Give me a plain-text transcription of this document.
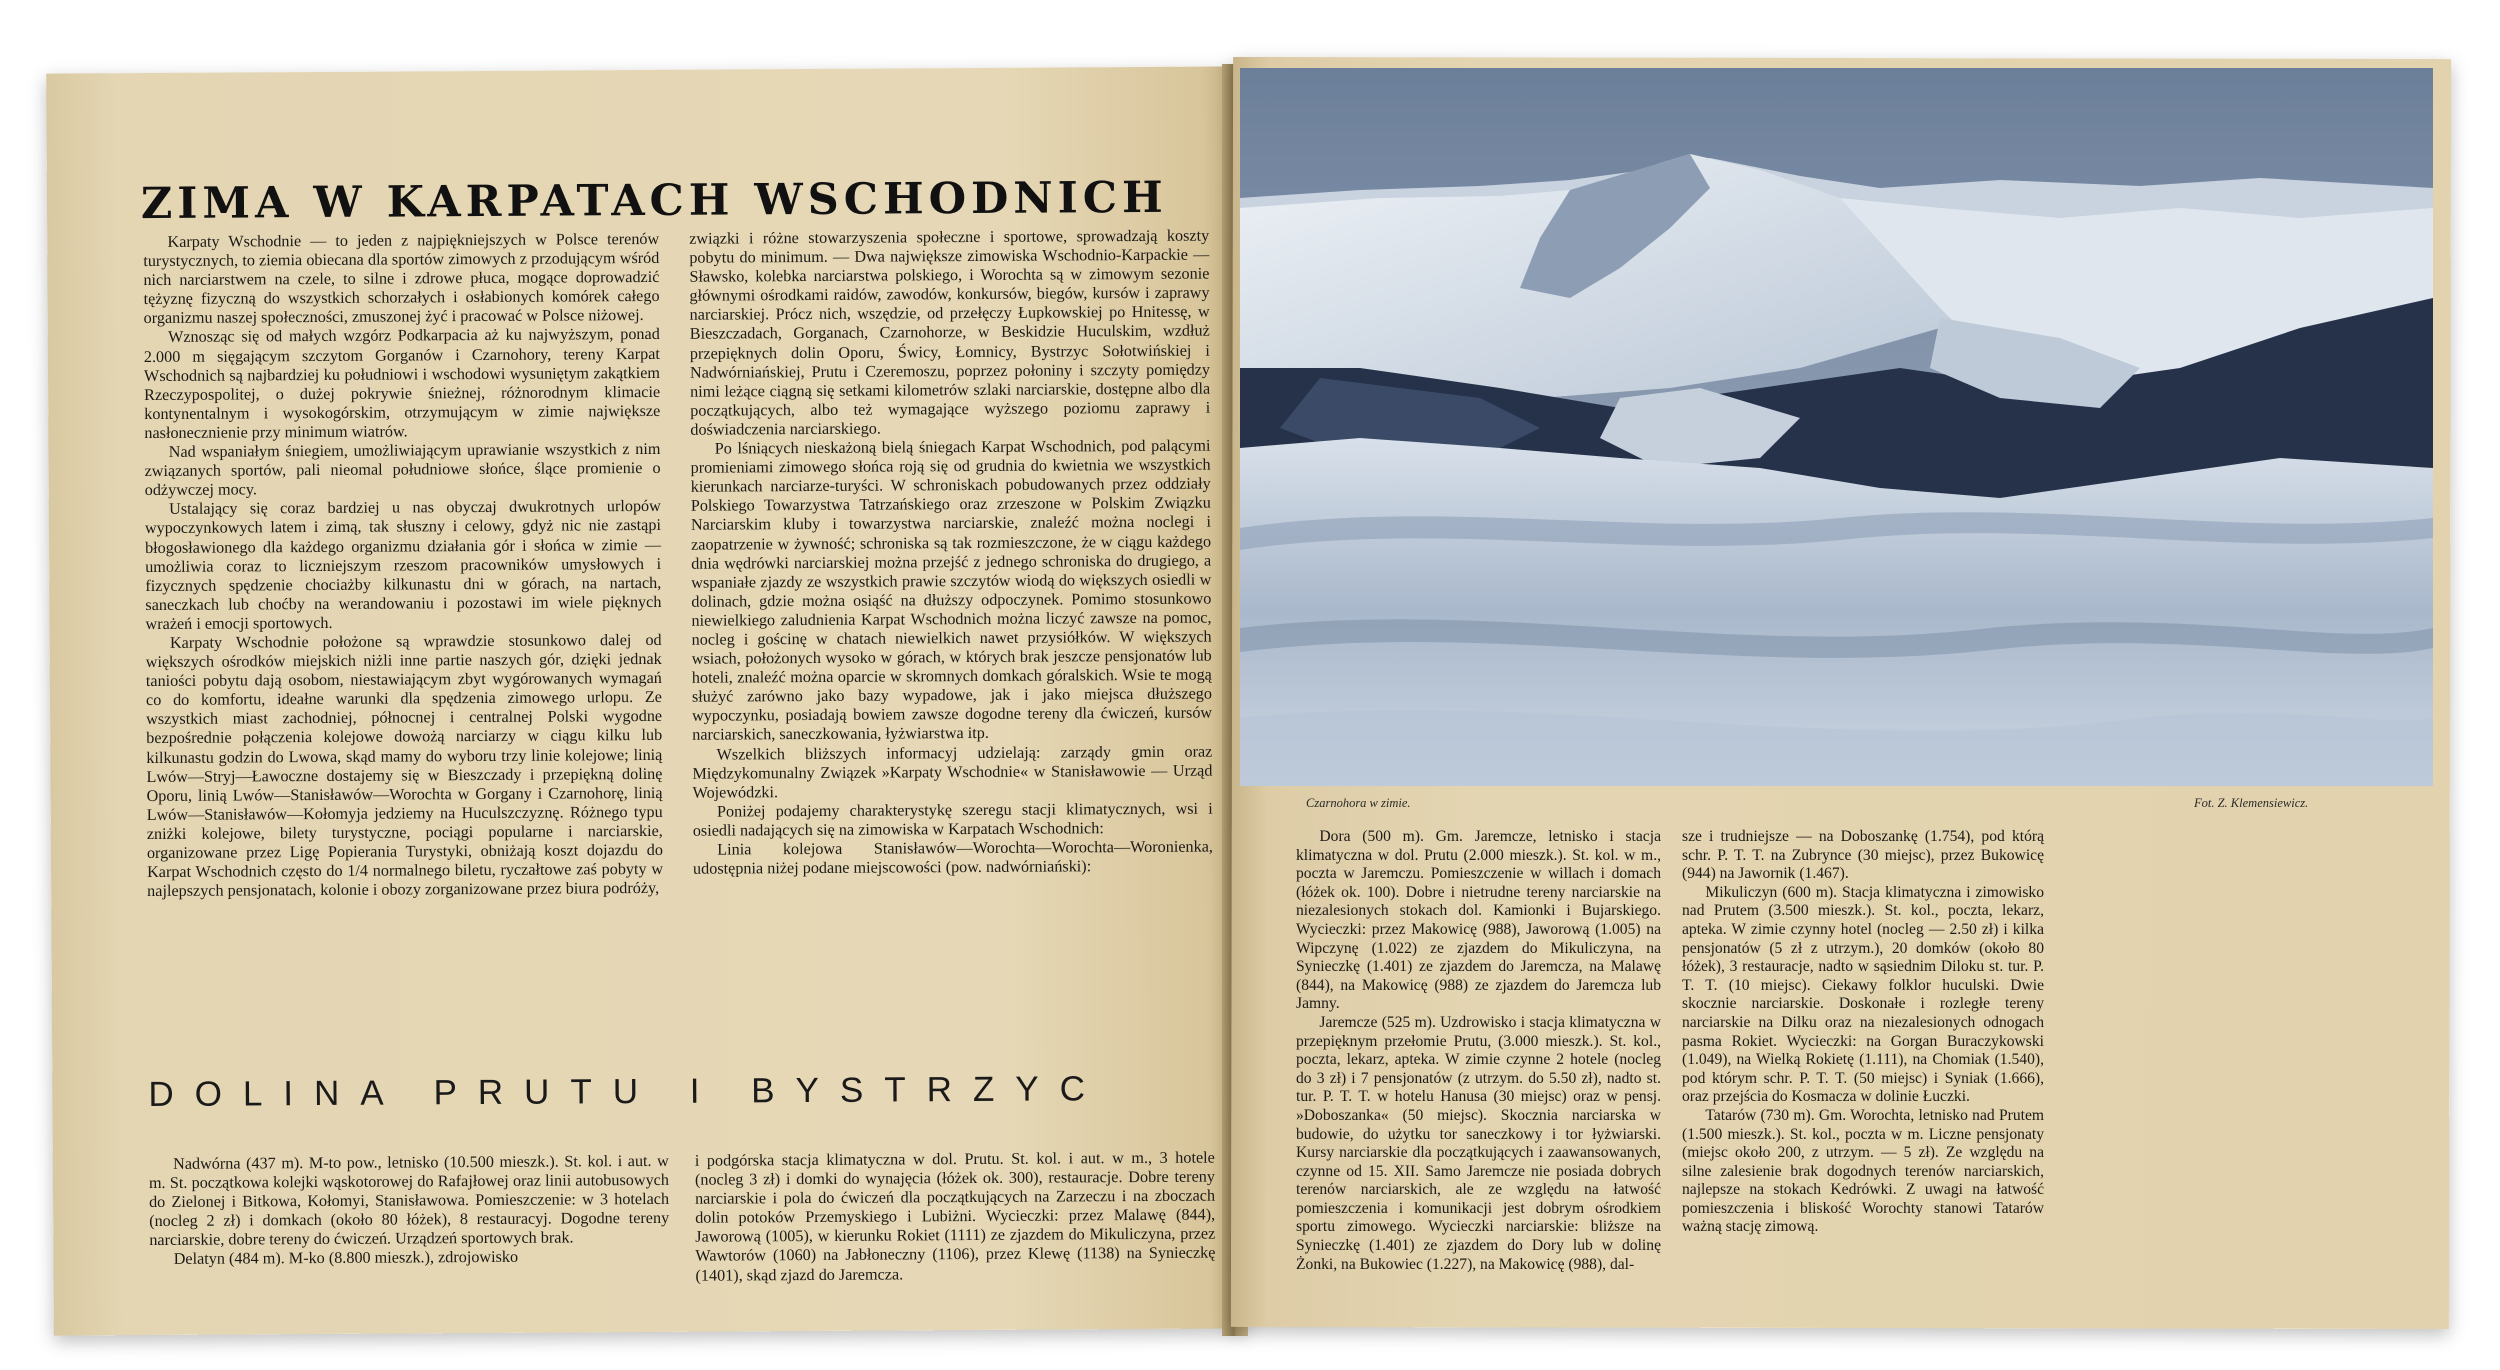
ZIMA W KARPATACH WSCHODNICH

Karpaty Wschodnie — to jeden z najpiękniejszych w Polsce terenów turystycznych, to ziemia obiecana dla sportów zimowych z przodującym wśród nich narciarstwem na czele, to silne i zdrowe płuca, mogące doprowadzić tężyznę fizyczną do wszystkich schorzałych i osłabionych komórek całego organizmu naszej społeczności, zmuszonej żyć i pracować w Polsce niżowej.

Wznosząc się od małych wzgórz Podkarpacia aż ku najwyższym, ponad 2.000 m sięgającym szczytom Gorganów i Czarnohory, tereny Karpat Wschodnich są najbardziej ku południowi i wschodowi wysuniętym zakątkiem Rzeczypospolitej, o dużej pokrywie śnieżnej, różnorodnym klimacie kontynentalnym i wysokogórskim, otrzymującym w zimie największe nasłonecznienie przy minimum wiatrów.

Nad wspaniałym śniegiem, umożliwiającym uprawianie wszystkich z nim związanych sportów, pali nieomal południowe słońce, ślące promienie o odżywczej mocy.

Ustalający się coraz bardziej u nas obyczaj dwukrotnych urlopów wypoczynkowych latem i zimą, tak słuszny i celowy, gdyż nic nie zastąpi błogosławionego dla każdego organizmu działania gór i słońca w zimie — umożliwia coraz to liczniejszym rzeszom pracowników umysłowych i fizycznych spędzenie chociażby kilkunastu dni w górach, na nartach, saneczkach lub choćby na werandowaniu i pozostawi im wiele pięknych wrażeń i emocji sportowych.

Karpaty Wschodnie położone są wprawdzie stosunkowo dalej od większych ośrodków miejskich niżli inne partie naszych gór, dzięki jednak taniości pobytu dają osobom, niestawiającym zbyt wygórowanych wymagań co do komfortu, ideałne warunki dla spędzenia zimowego urlopu. Ze wszystkich miast zachodniej, północnej i centralnej Polski wygodne bezpośrednie połączenia kolejowe dowożą narciarzy w ciągu kilku lub kilkunastu godzin do Lwowa, skąd mamy do wyboru trzy linie kolejowe; linią Lwów—Stryj—Ławoczne dostajemy się w Bieszczady i przepiękną dolinę Oporu, linią Lwów—Stanisławów—Worochta w Gorgany i Czarnohorę, linią Lwów—Stanisławów—Kołomyja jedziemy na Huculszczyznę. Różnego typu zniżki kolejowe, bilety turystyczne, pociągi popularne i narciarskie, organizowane przez Ligę Popierania Turystyki, obniżają koszt dojazdu do Karpat Wschodnich często do 1/4 normalnego biletu, ryczałtowe zaś pobyty w najlepszych pensjonatach, kolonie i obozy zorganizowane przez biura podróży,

związki i różne stowarzyszenia społeczne i sportowe, sprowadzają koszty pobytu do minimum. — Dwa największe zimowiska Wschodnio-Karpackie — Sławsko, kolebka narciarstwa polskiego, i Worochta są w zimowym sezonie głównymi ośrodkami raidów, zawodów, konkursów, biegów, kursów i zaprawy narciarskiej. Prócz nich, wszędzie, od przełęczy Łupkowskiej po Hnitessę, w Bieszczadach, Gorganach, Czarnohorze, w Beskidzie Huculskim, wzdłuż przepięknych dolin Oporu, Świcy, Łomnicy, Bystrzyc Sołotwińskiej i Nadwórniańskiej, Prutu i Czeremoszu, poprzez połoniny i szczyty pomiędzy nimi leżące ciągną się setkami kilometrów szlaki narciarskie, dostępne albo dla początkujących, albo też wymagające wyższego poziomu zaprawy i doświadczenia narciarskiego.

Po lśniących nieskażoną bielą śniegach Karpat Wschodnich, pod palącymi promieniami zimowego słońca roją się od grudnia do kwietnia we wszystkich kierunkach narciarze-turyści. W schroniskach pobudowanych przez oddziały Polskiego Towarzystwa Tatrzańskiego oraz zrzeszone w Polskim Związku Narciarskim kluby i towarzystwa narciarskie, znaleźć można noclegi i zaopatrzenie w żywność; schroniska są tak rozmieszczone, że w ciągu każdego dnia wędrówki narciarskiej można przejść z jednego schroniska do drugiego, a wspaniałe zjazdy ze wszystkich prawie szczytów wiodą do większych osiedli w dolinach, gdzie można osiąść na dłuższy odpoczynek. Pomimo stosunkowo niewielkiego zaludnienia Karpat Wschodnich można liczyć zawsze na pomoc, nocleg i gościnę w chatach niewielkich nawet przysiółków. W większych wsiach, położonych wysoko w górach, w których brak jeszcze pensjonatów lub hoteli, znaleźć można oparcie w skromnych domkach góralskich. Wsie te mogą służyć zarówno jako bazy wypadowe, jak i jako miejsca dłuższego wypoczynku, posiadają bowiem zawsze dogodne tereny dla ćwiczeń, kursów narciarskich, saneczkowania, łyżwiarstwa itp.

Wszelkich bliższych informacyj udzielają: zarządy gmin oraz Międzykomunalny Związek »Karpaty Wschodnie« w Stanisławowie — Urząd Wojewódzki.

Poniżej podajemy charakterystykę szeregu stacji klimatycznych, wsi i osiedli nadających się na zimowiska w Karpatach Wschodnich:

Linia kolejowa Stanisławów—Worochta—Worochta—Woronienka, udostępnia niżej podane miejscowości (pow. nadwórniański):

DOLINA PRUTU I BYSTRZYC

Nadwórna (437 m). M-to pow., letnisko (10.500 mieszk.). St. kol. i aut. w m. St. początkowa kolejki wąskotorowej do Rafajłowej oraz linii autobusowych do Zielonej i Bitkowa, Kołomyi, Stanisławowa. Pomieszczenie: w 3 hotelach (nocleg 2 zł) i domkach (około 80 łóżek), 8 restauracyj. Dogodne tereny narciarskie, dobre tereny do ćwiczeń. Urządzeń sportowych brak.

Delatyn (484 m). M-ko (8.800 mieszk.), zdrojowisko

i podgórska stacja klimatyczna w dol. Prutu. St. kol. i aut. w m., 3 hotele (nocleg 3 zł) i domki do wynajęcia (łóżek ok. 300), restauracje. Dobre tereny narciarskie i pola do ćwiczeń dla początkujących na Zarzeczu i na zboczach dolin potoków Przemyskiego i Lubiżni. Wycieczki: przez Malawę (844), Jaworową (1005), w kierunku Rokiet (1111) ze zjazdem do Mikuliczyna, przez Wawtorów (1060) na Jabłoneczny (1106), przez Klewę (1138) na Synieczkę (1401), skąd zjazd do Jaremcza.

Czarnohora w zimie.	Fot. Z. Klemensiewicz.

Dora (500 m). Gm. Jaremcze, letnisko i stacja klimatyczna w dol. Prutu (2.000 mieszk.). St. kol. w m., poczta w Jaremczu. Pomieszczenie w willach i domach (łóżek ok. 100). Dobre i nietrudne tereny narciarskie na niezalesionych stokach dol. Kamionki i Bujarskiego. Wycieczki: przez Makowicę (988), Jaworową (1.005) na Wipczynę (1.022) ze zjazdem do Mikuliczyna, na Synieczkę (1.401) ze zjazdem do Jaremcza, na Malawę (844), na Makowicę (988) ze zjazdem do Jaremcza lub Jamny.

Jaremcze (525 m). Uzdrowisko i stacja klimatyczna w przepięknym przełomie Prutu, (3.000 mieszk.). St. kol., poczta, lekarz, apteka. W zimie czynne 2 hotele (nocleg do 3 zł) i 7 pensjonatów (z utrzym. do 5.50 zł), nadto st. tur. P. T. T. w hotelu Hanusa (30 miejsc) oraz w pensj. »Doboszanka« (50 miejsc). Skocznia narciarska w budowie, do użytku tor saneczkowy i tor łyżwiarski. Kursy narciarskie dla początkujących i zaawansowanych, czynne od 15. XII. Samo Jaremcze nie posiada dobrych terenów narciarskich, ale ze względu na łatwość pomieszczenia i komunikacji jest dobrym ośrodkiem sportu zimowego. Wycieczki narciarskie: bliższe na Synieczkę (1.401) ze zjazdem do Dory lub w dolinę Żonki, na Bukowiec (1.227), na Makowicę (988), dal-

sze i trudniejsze — na Doboszankę (1.754), pod którą schr. P. T. T. na Zubrynce (30 miejsc), przez Bukowicę (944) na Jawornik (1.467).

Mikuliczyn (600 m). Stacja klimatyczna i zimowisko nad Prutem (3.500 mieszk.). St. kol., poczta, lekarz, apteka. W zimie czynny hotel (nocleg — 2.50 zł) i kilka pensjonatów (5 zł z utrzym.), 20 domków (około 80 łóżek), 3 restauracje, nadto w sąsiednim Dilоku st. tur. P. T. T. (10 miejsc). Ciekawy folklor huculski. Dwie skocznie narciarskie. Doskonałe i rozległe tereny narciarskie na Dilku oraz na niezalesionych odnogach pasma Rokiet. Wycieczki: na Gorgan Buraczykowski (1.049), na Wielką Rokietę (1.111), na Chomiak (1.540), pod którym schr. P. T. T. (50 miejsc) i Syniak (1.666), oraz przejścia do Kosmacza w dolinie Łuczki.

Tatarów (730 m). Gm. Worochta, letnisko nad Prutem (1.500 mieszk.). St. kol., poczta w m. Liczne pensjonaty (miejsc około 200, z utrzym. — 5 zł). Ze względu na silne zalesienie brak dogodnych terenów narciarskich, najlepsze na stokach Kedrówki. Z uwagi na łatwość pomieszczenia i bliskość Worochty stanowi Tatarów ważną stację zimową.
